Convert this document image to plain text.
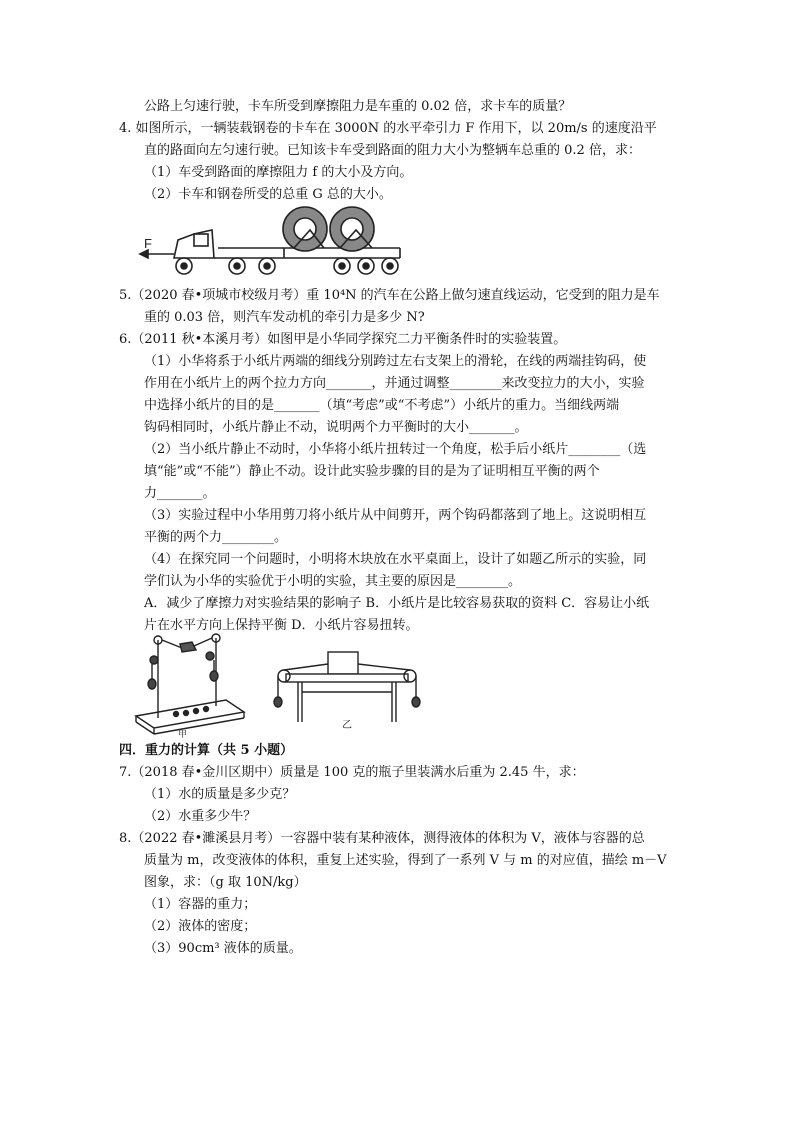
公路上匀速行驶，卡车所受到摩擦阻力是车重的 0.02 倍，求卡车的质量？
4. 如图所示，一辆装载钢卷的卡车在 3000N 的水平牵引力 F 作用下，以 20m/s 的速度沿平
直的路面向左匀速行驶。已知该卡车受到路面的阻力大小为整辆车总重的 0.2 倍，求：
（1）车受到路面的摩擦阻力 f 的大小及方向。
（2）卡车和钢卷所受的总重 G 总的大小。
F
5.（2020 春•项城市校级月考）重 10⁴N 的汽车在公路上做匀速直线运动，它受到的阻力是车
重的 0.03 倍，则汽车发动机的牵引力是多少 N?
6.（2011 秋•本溪月考）如图甲是小华同学探究二力平衡条件时的实验装置。
（1）小华将系于小纸片两端的细线分别跨过左右支架上的滑轮，在线的两端挂钩码，使
作用在小纸片上的两个拉力方向_______，并通过调整________来改变拉力的大小，实验
中选择小纸片的目的是_______（填“考虑”或“不考虑”）小纸片的重力。当细线两端
钩码相同时，小纸片静止不动，说明两个力平衡时的大小_______。
（2）当小纸片静止不动时，小华将小纸片扭转过一个角度，松手后小纸片________（选
填“能”或“不能”）静止不动。设计此实验步骤的目的是为了证明相互平衡的两个
力_______。
（3）实验过程中小华用剪刀将小纸片从中间剪开，两个钩码都落到了地上。这说明相互
平衡的两个力________。
（4）在探究同一个问题时，小明将木块放在水平桌面上，设计了如题乙所示的实验，同
学们认为小华的实验优于小明的实验，其主要的原因是________。
A．减少了摩擦力对实验结果的影响子 B．小纸片是比较容易获取的资料 C．容易让小纸
片在水平方向上保持平衡 D．小纸片容易扭转。
甲
乙
四．重力的计算（共 5 小题）
7.（2018 春•金川区期中）质量是 100 克的瓶子里装满水后重为 2.45 牛，求：
（1）水的质量是多少克？
（2）水重多少牛？
8.（2022 春•濉溪县月考）一容器中装有某种液体，测得液体的体积为 V，液体与容器的总
质量为 m，改变液体的体积，重复上述实验，得到了一系列 V 与 m 的对应值，描绘 m－V
图象，求：（g 取 10N/kg）
（1）容器的重力；
（2）液体的密度；
（3）90cm³ 液体的质量。
